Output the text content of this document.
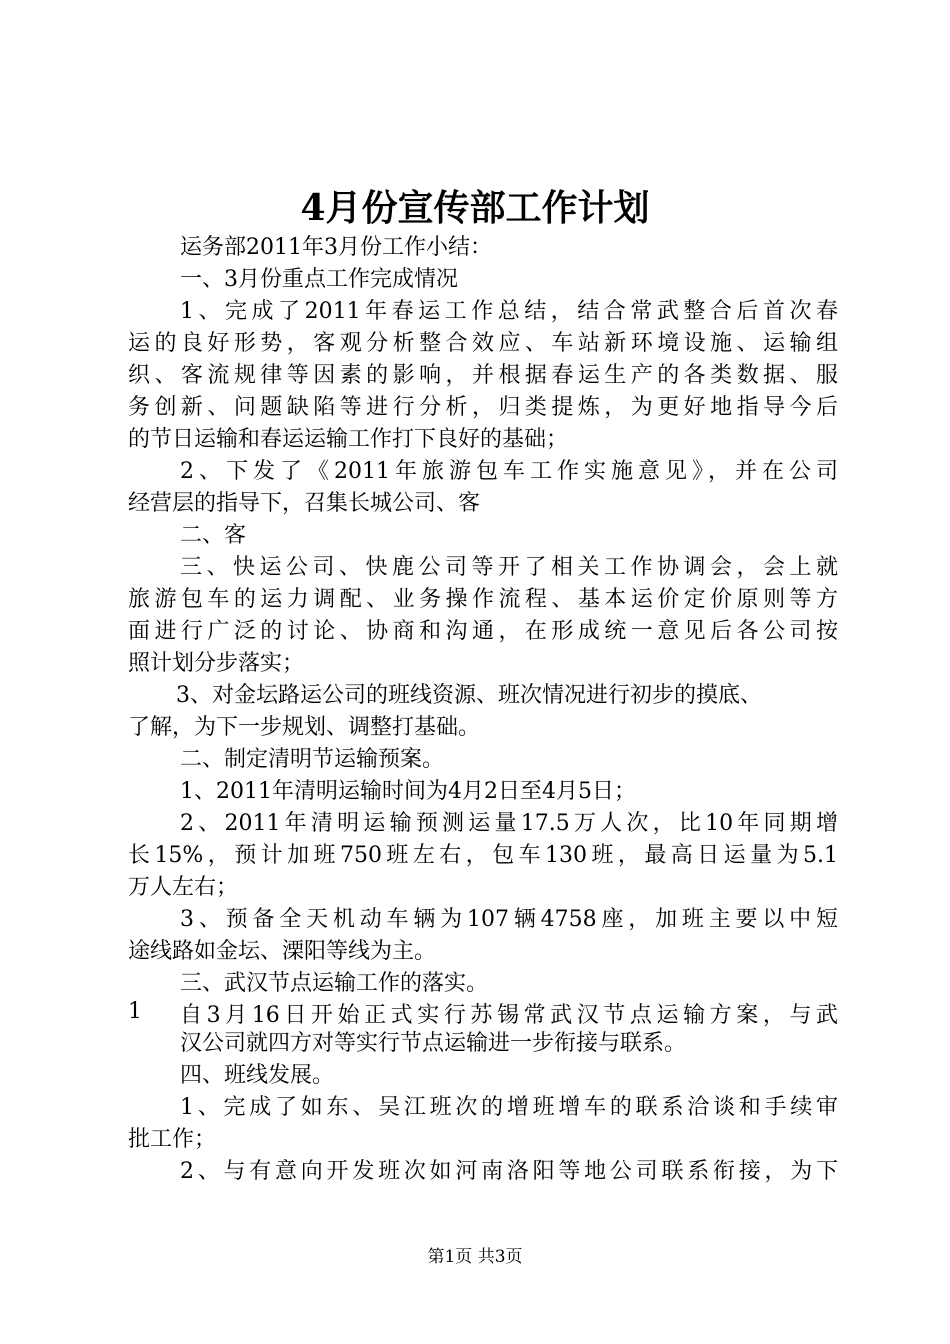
4月份宣传部工作计划
运务部2011年3月份工作小结：
一、3月份重点工作完成情况
1、完成了2011年春运工作总结，结合常武整合后首次春
运的良好形势，客观分析整合效应、车站新环境设施、运输组
织、客流规律等因素的影响，并根据春运生产的各类数据、服
务创新、问题缺陷等进行分析，归类提炼，为更好地指导今后
的节日运输和春运运输工作打下良好的基础；
2、下发了《2011年旅游包车工作实施意见》，并在公司
经营层的指导下，召集长城公司、客
二、客
三、快运公司、快鹿公司等开了相关工作协调会，会上就
旅游包车的运力调配、业务操作流程、基本运价定价原则等方
面进行广泛的讨论、协商和沟通，在形成统一意见后各公司按
照计划分步落实；
3、对金坛路运公司的班线资源、班次情况进行初步的摸底、
了解，为下一步规划、调整打基础。
二、制定清明节运输预案。
1、2011年清明运输时间为4月2日至4月5日；
2、2011年清明运输预测运量17.5万人次，比10年同期增
长15%，预计加班750班左右，包车130班，最高日运量为5.1
万人左右；
3、预备全天机动车辆为107辆4758座，加班主要以中短
途线路如金坛、溧阳等线为主。
三、武汉节点运输工作的落实。
自3月16日开始正式实行苏锡常武汉节点运输方案，与武
1
汉公司就四方对等实行节点运输进一步衔接与联系。
四、班线发展。
1、完成了如东、吴江班次的增班增车的联系洽谈和手续审
批工作；
2、与有意向开发班次如河南洛阳等地公司联系衔接，为下
第1页 共3页
